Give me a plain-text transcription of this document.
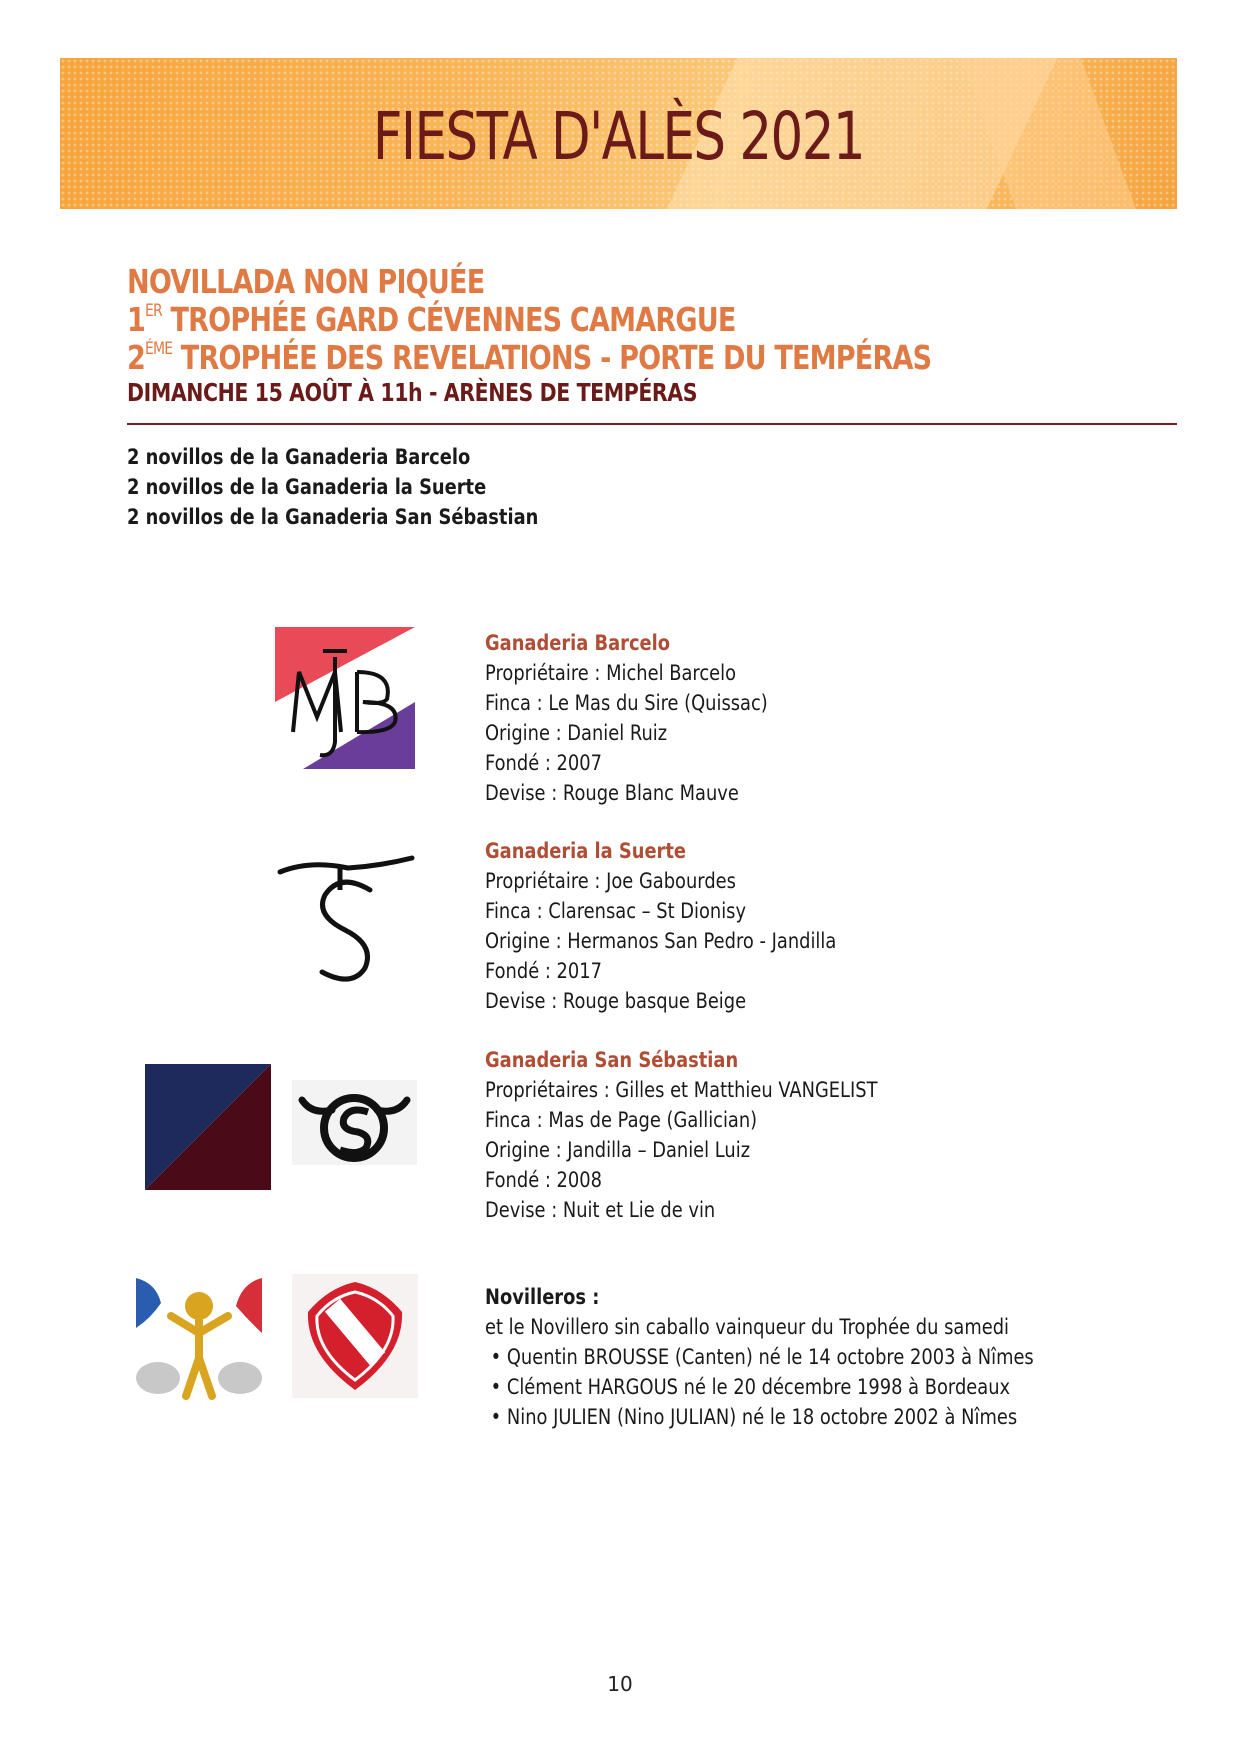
FIESTA D'ALÈS 2021
NOVILLADA NON PIQUÉE
1ER TROPHÉE GARD CÉVENNES CAMARGUE
$2^{ÉME}$ TROPHÉE DES REVELATIONS - PORTE DU TEMPÉRAS
DIMANCHE 15 AOÛT À 11h - ARÈNES DE TEMPÉRAS
2 novillos de la Ganaderia Barcelo
2 novillos de la Ganaderia la Suerte
2 novillos de la Ganaderia San Sébastian
Ganaderia Barcelo
Propriétaire : Michel Barcelo
Finca : Le Mas du Sire (Quissac)
Origine : Daniel Ruiz
Fondé : 2007
Devise : Rouge Blanc Mauve
Ganaderia la Suerte
Propriétaire : Joe Gabourdes
Finca : Clarensac – St Dionisy
Origine : Hermanos San Pedro - Jandilla
Fondé : 2017
Devise : Rouge basque Beige
Ganaderia San Sébastian
Propriétaires : Gilles et Matthieu VANGELIST
Finca : Mas de Page (Gallician)
Origine : Jandilla – Daniel Luiz
Fondé : 2008
Devise : Nuit et Lie de vin
Novilleros :
et le Novillero sin caballo vainqueur du Trophée du samedi
• Quentin BROUSSE (Canten) né le 14 octobre 2003 à Nîmes
• Clément HARGOUS né le 20 décembre 1998 à Bordeaux
• Nino JULIEN (Nino JULIAN) né le 18 octobre 2002 à Nîmes
10
